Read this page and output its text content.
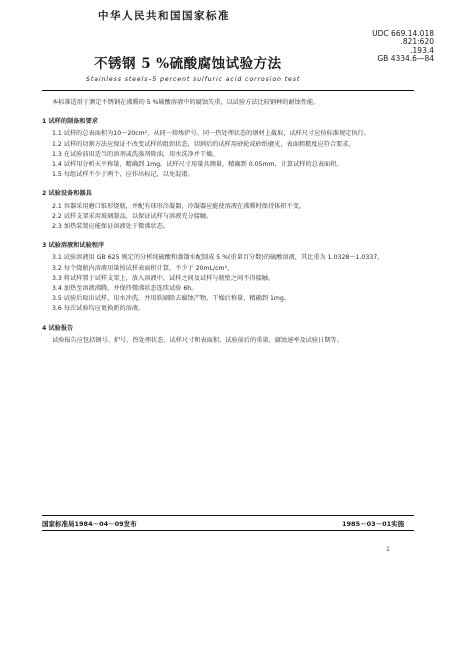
中华人民共和国国家标准
UDC 669.14.018
.821:620
.193.4
GB 4334.6—84
不锈钢 5 %硫酸腐蚀试验方法
Stainless steels–5 percent sulfuric acid corrosion test

本标准适用于测定不锈钢在沸腾的 5 %硫酸溶液中的腐蚀失重，以试验方法比较钢种的耐蚀性能。

1 试样的制备和要求

1.1 试样的总表面积为10～20cm²，从同一熔炼炉号、同一热处理状态的钢材上截取，试样尺寸应按标准规定执行。

1.2 试样的切割方法应保证不改变试样的组织状态，切割后的试样用砂轮或砂纸磨光，表面粗糙度应符合要求。

1.3 在试验前用适当的溶剂或洗涤剂除油，用水洗净并干燥。

1.4 试样用分析天平称量，精确到 1mg。试样尺寸用量具测量，精确到 0.05mm，计算试样的总表面积。

1.5 每组试样不少于两个，应作出标记，以免混淆。

2 试验设备和器具

2.1 容器采用磨口锥形烧瓶，并配有球形冷凝器，冷凝器应能使溶液在沸腾时保持体积不变。

2.2 试样支架采用玻璃制品，以保证试样与溶液充分接触。

2.3 加热装置应能保证溶液处于微沸状态。

3 试验溶液和试验程序

3.1 试验溶液用 GB 625 规定的分析纯硫酸和蒸馏水配制成 5 %(重量百分数)的硫酸溶液，其比重为 1.0328～1.0337。

3.2 每个烧瓶内溶液用量按试样表面积计算，不少于 20mL/cm²。

3.3 将试样置于试样支架上，放入溶液中，试样之间及试样与瓶壁之间不得接触。

3.4 加热至溶液沸腾，并保持微沸状态连续试验 6h。

3.5 试验后取出试样，用水冲洗，并用软刷除去腐蚀产物，干燥后称量，精确到 1mg。

3.6 每次试验均应更换新的溶液。

4 试验报告

试验报告应包括钢号、炉号、热处理状态、试样尺寸和表面积、试验前后的重量、腐蚀速率及试验日期等。

国家标准局1984－04－09发布	1985－03－01实施
1
